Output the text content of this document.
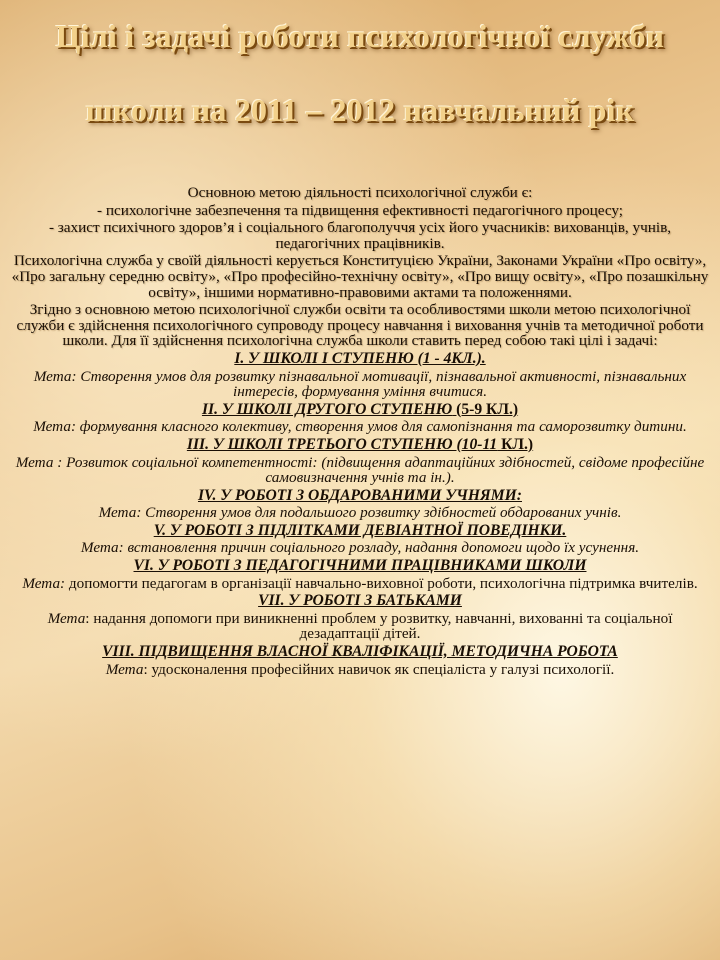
Цілі і задачі роботи психологічної служби
школи на 2011 – 2012 навчальний рік

Основною метою діяльності психологічної служби є:

- психологічне забезпечення та підвищення ефективності педагогічного процесу;

- захист психічного здоров’я і соціального благополуччя усіх його учасників: вихованців, учнів, педагогічних працівників.

Психологічна служба у своїй діяльності керується Конституцією України, Законами України «Про освіту», «Про загальну середню освіту», «Про професійно-технічну освіту», «Про вищу освіту», «Про позашкільну освіту», іншими нормативно-правовими актами та положеннями.

Згідно з основною метою психологічної служби освіти та особливостями школи метою психологічної служби є здійснення психологічного супроводу процесу навчання і виховання учнів та методичної роботи школи. Для її здійснення психологічна служба школи ставить перед собою такі цілі і задачі:

І. У ШКОЛІ І СТУПЕНЮ (1 - 4КЛ.).

Мета: Створення умов для розвитку пізнавальної мотивації, пізнавальної активності, пізнавальних інтересів, формування уміння вчитися.

ІІ. У ШКОЛІ ДРУГОГО СТУПЕНЮ (5-9 КЛ.)

Мета: формування класного колективу, створення умов для самопізнання та саморозвитку дитини.

ІІІ. У ШКОЛІ ТРЕТЬОГО СТУПЕНЮ (10-11 КЛ.)

Мета : Розвиток соціальної компетентності: (підвищення адаптаційних здібностей, свідоме професійне самовизначення учнів та ін.).

ІV. У РОБОТІ З ОБДАРОВАНИМИ УЧНЯМИ:

Мета: Створення умов для подальшого розвитку здібностей обдарованих учнів.

V. У РОБОТІ З ПІДЛІТКАМИ ДЕВІАНТНОЇ ПОВЕДІНКИ.

Мета: встановлення причин соціального розладу, надання допомоги щодо їх усунення.

VI. У РОБОТІ З ПЕДАГОГІЧНИМИ ПРАЦІВНИКАМИ ШКОЛИ

Мета: допомогти педагогам в організації навчально-виховної роботи, психологічна підтримка вчителів.

VІІ. У РОБОТІ З БАТЬКАМИ

Мета: надання допомоги при виникненні проблем у розвитку, навчанні, вихованні та соціальної дезадаптації дітей.

VIІІ. ПІДВИЩЕННЯ ВЛАСНОЇ КВАЛІФІКАЦІЇ, МЕТОДИЧНА РОБОТА

Мета: удосконалення професійних навичок як спеціаліста у галузі психології.
